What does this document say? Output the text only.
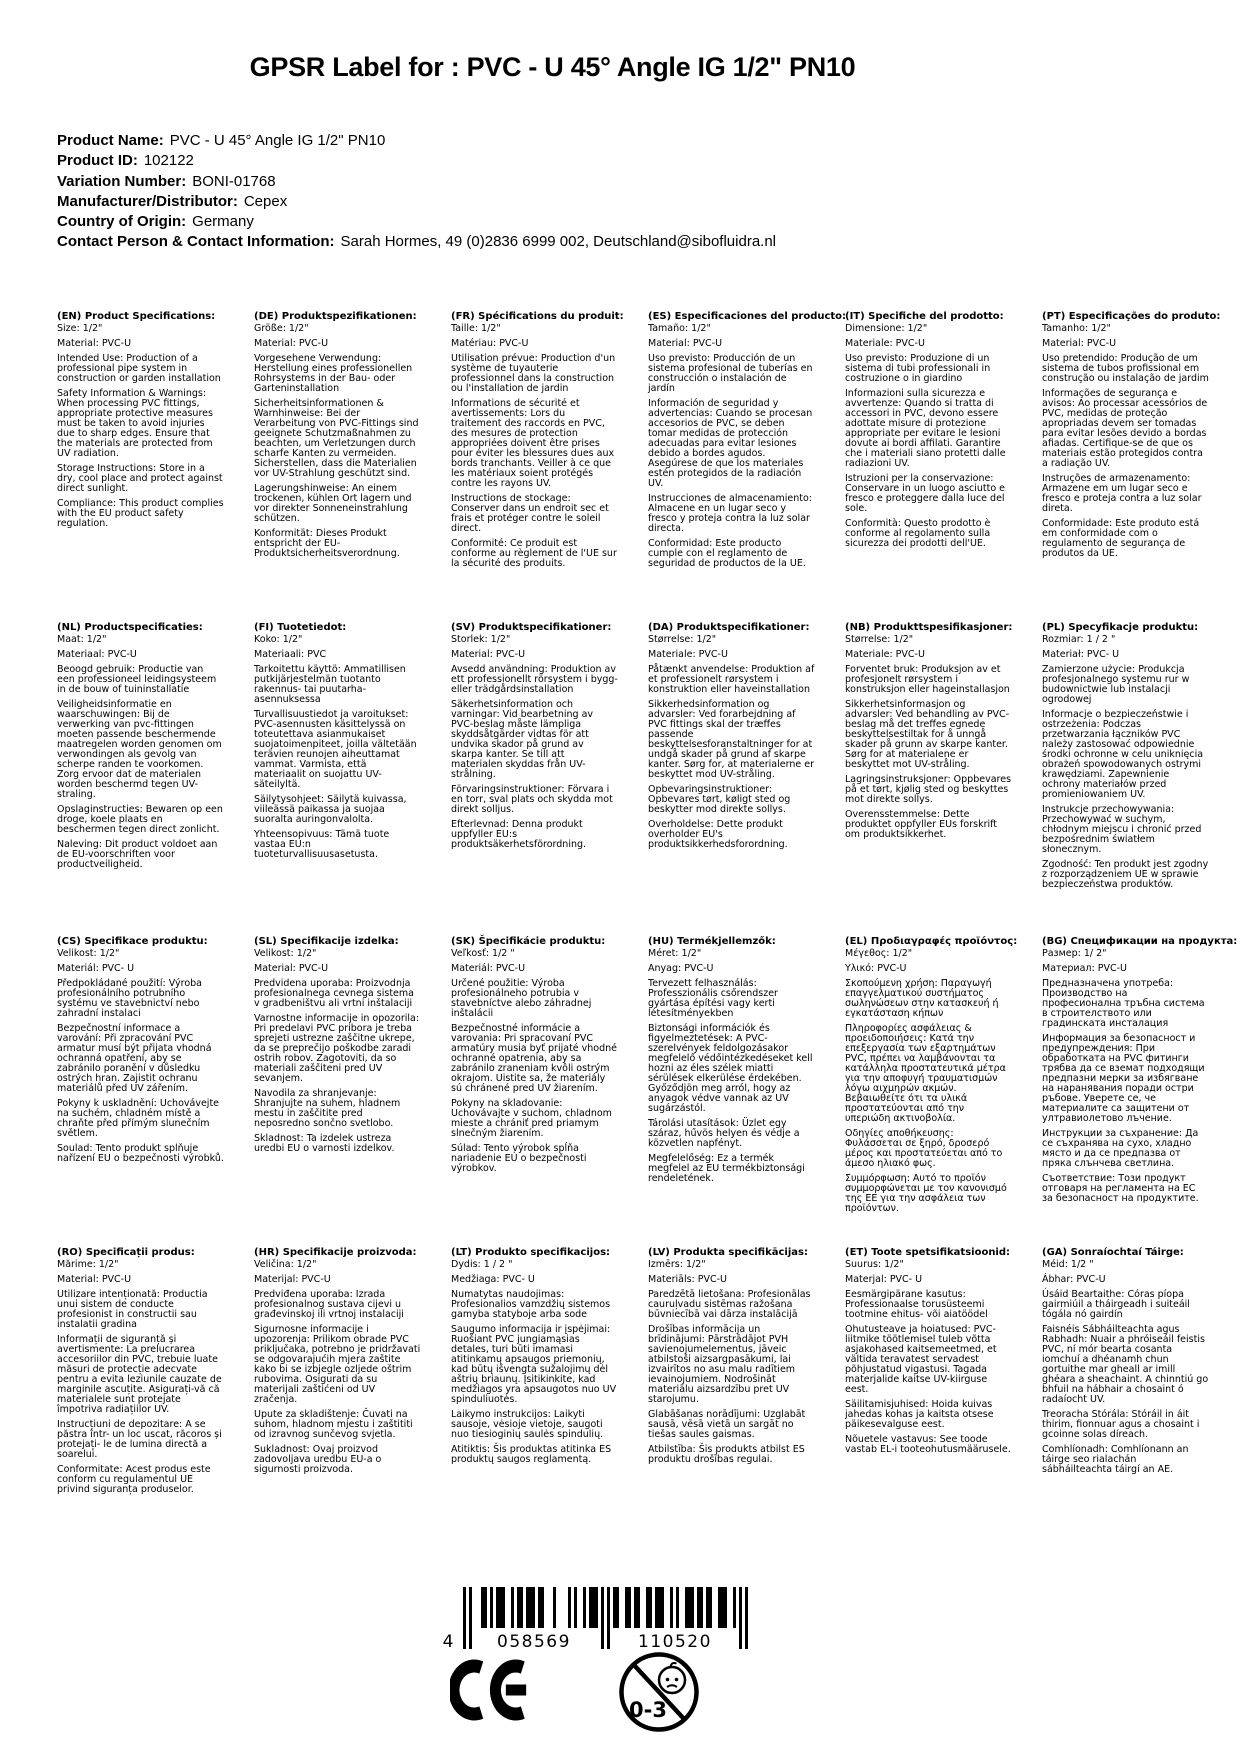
GPSR Label for : PVC - U 45° Angle IG 1/2" PN10
Product Name: PVC - U 45° Angle IG 1/2" PN10
Product ID: 102122
Variation Number: BONI-01768
Manufacturer/Distributor: Cepex
Country of Origin: Germany
Contact Person & Contact Information: Sarah Hormes, 49 (0)2836 6999 002, Deutschland@sibofluidra.nl
(EN) Product Specifications:

Size: 1/2"

Material: PVC-U

Intended Use: Production of a professional pipe system in construction or garden installation

Safety Information & Warnings: When processing PVC fittings, appropriate protective measures must be taken to avoid injuries due to sharp edges. Ensure that the materials are protected from UV radiation.

Storage Instructions: Store in a dry, cool place and protect against direct sunlight.

Compliance: This product complies with the EU product safety regulation.

(DE) Produktspezifikationen:

Größe: 1/2"

Material: PVC-U

Vorgesehene Verwendung: Herstellung eines professionellen Rohrsystems in der Bau- oder Garteninstallation

Sicherheitsinformationen & Warnhinweise: Bei der Verarbeitung von PVC-Fittings sind geeignete Schutzmaßnahmen zu beachten, um Verletzungen durch scharfe Kanten zu vermeiden. Sicherstellen, dass die Materialien vor UV-Strahlung geschützt sind.

Lagerungshinweise: An einem trockenen, kühlen Ort lagern und vor direkter Sonneneinstrahlung schützen.

Konformität: Dieses Produkt entspricht der EU-Produktsicherheitsverordnung.

(FR) Spécifications du produit:

Taille: 1/2"

Matériau: PVC-U

Utilisation prévue: Production d'un système de tuyauterie professionnel dans la construction ou l'installation de jardin

Informations de sécurité et avertissements: Lors du traitement des raccords en PVC, des mesures de protection appropriées doivent être prises pour éviter les blessures dues aux bords tranchants. Veiller à ce que les matériaux soient protégés contre les rayons UV.

Instructions de stockage: Conserver dans un endroit sec et frais et protéger contre le soleil direct.

Conformité: Ce produit est conforme au règlement de l'UE sur la sécurité des produits.

(ES) Especificaciones del producto:

Tamaño: 1/2"

Material: PVC-U

Uso previsto: Producción de un sistema profesional de tuberías en construcción o instalación de jardín

Información de seguridad y advertencias: Cuando se procesan accesorios de PVC, se deben tomar medidas de protección adecuadas para evitar lesiones debido a bordes agudos. Asegúrese de que los materiales estén protegidos de la radiación UV.

Instrucciones de almacenamiento: Almacene en un lugar seco y fresco y proteja contra la luz solar directa.

Conformidad: Este producto cumple con el reglamento de seguridad de productos de la UE.

(IT) Specifiche del prodotto:

Dimensione: 1/2"

Materiale: PVC-U

Uso previsto: Produzione di un sistema di tubi professionali in costruzione o in giardino

Informazioni sulla sicurezza e avvertenze: Quando si tratta di accessori in PVC, devono essere adottate misure di protezione appropriate per evitare le lesioni dovute ai bordi affilati. Garantire che i materiali siano protetti dalle radiazioni UV.

Istruzioni per la conservazione: Conservare in un luogo asciutto e fresco e proteggere dalla luce del sole.

Conformità: Questo prodotto è conforme al regolamento sulla sicurezza dei prodotti dell'UE.

(PT) Especificações do produto:

Tamanho: 1/2"

Material: PVC-U

Uso pretendido: Produção de um sistema de tubos profissional em construção ou instalação de jardim

Informações de segurança e avisos: Ao processar acessórios de PVC, medidas de proteção apropriadas devem ser tomadas para evitar lesões devido a bordas afiadas. Certifique-se de que os materiais estão protegidos contra a radiação UV.

Instruções de armazenamento: Armazene em um lugar seco e fresco e proteja contra a luz solar direta.

Conformidade: Este produto está em conformidade com o regulamento de segurança de produtos da UE.

(NL) Productspecificaties:

Maat: 1/2"

Materiaal: PVC-U

Beoogd gebruik: Productie van een professioneel leidingsysteem in de bouw of tuininstallatie

Veiligheidsinformatie en waarschuwingen: Bij de verwerking van pvc-fittingen moeten passende beschermende maatregelen worden genomen om verwondingen als gevolg van scherpe randen te voorkomen. Zorg ervoor dat de materialen worden beschermd tegen UV-straling.

Opslaginstructies: Bewaren op een droge, koele plaats en beschermen tegen direct zonlicht.

Naleving: Dit product voldoet aan de EU-voorschriften voor productveiligheid.

(FI) Tuotetiedot:

Koko: 1/2"

Materiaali: PVC

Tarkoitettu käyttö: Ammatillisen putkijärjestelmän tuotanto rakennus- tai puutarha-asennuksessa

Turvallisuustiedot ja varoitukset: PVC-asennusten käsittelyssä on toteutettava asianmukaiset suojatoimenpiteet, joilla vältetään terävien reunojen aiheuttamat vammat. Varmista, että materiaalit on suojattu UV-säteilyltä.

Säilytysohjeet: Säilytä kuivassa, viileässä paikassa ja suojaa suoralta auringonvalolta.

Yhteensopivuus: Tämä tuote vastaa EU:n tuoteturvallisuusasetusta.

(SV) Produktspecifikationer:

Storlek: 1/2"

Material: PVC-U

Avsedd användning: Produktion av ett professionellt rörsystem i bygg- eller trädgårdsinstallation

Säkerhetsinformation och varningar: Vid bearbetning av PVC-beslag måste lämpliga skyddsåtgärder vidtas för att undvika skador på grund av skarpa kanter. Se till att materialen skyddas från UV-strålning.

Förvaringsinstruktioner: Förvara i en torr, sval plats och skydda mot direkt solljus.

Efterlevnad: Denna produkt uppfyller EU:s produktsäkerhetsförordning.

(DA) Produktspecifikationer:

Størrelse: 1/2"

Materiale: PVC-U

Påtænkt anvendelse: Produktion af et professionelt rørsystem i konstruktion eller haveinstallation

Sikkerhedsinformation og advarsler: Ved forarbejdning af PVC fittings skal der træffes passende beskyttelsesforanstaltninger for at undgå skader på grund af skarpe kanter. Sørg for, at materialerne er beskyttet mod UV-stråling.

Opbevaringsinstruktioner: Opbevares tørt, køligt sted og beskytter mod direkte sollys.

Overholdelse: Dette produkt overholder EU's produktsikkerhedsforordning.

(NB) Produkttspesifikasjoner:

Størrelse: 1/2"

Materiale: PVC-U

Forventet bruk: Produksjon av et profesjonelt rørsystem i konstruksjon eller hageinstallasjon

Sikkerhetsinformasjon og advarsler: Ved behandling av PVC-beslag må det treffes egnede beskyttelsestiltak for å unngå skader på grunn av skarpe kanter. Sørg for at materialene er beskyttet mot UV-stråling.

Lagringsinstruksjoner: Oppbevares på et tørt, kjølig sted og beskyttes mot direkte sollys.

Overensstemmelse: Dette produktet oppfyller EUs forskrift om produktsikkerhet.

(PL) Specyfikacje produktu:

Rozmiar: 1 / 2 "

Materiał: PVC- U

Zamierzone użycie: Produkcja profesjonalnego systemu rur w budownictwie lub instalacji ogrodowej

Informacje o bezpieczeństwie i ostrzeżenia: Podczas przetwarzania łączników PVC należy zastosować odpowiednie środki ochronne w celu uniknięcia obrażeń spowodowanych ostrymi krawędziami. Zapewnienie ochrony materiałów przed promieniowaniem UV.

Instrukcje przechowywania: Przechowywać w suchym, chłodnym miejscu i chronić przed bezpośrednim światłem słonecznym.

Zgodność: Ten produkt jest zgodny z rozporządzeniem UE w sprawie bezpieczeństwa produktów.

(CS) Specifikace produktu:

Velikost: 1/2"

Materiál: PVC- U

Předpokládané použití: Výroba profesionálního potrubního systému ve stavebnictví nebo zahradní instalaci

Bezpečnostní informace a varování: Při zpracování PVC armatur musí být přijata vhodná ochranná opatření, aby se zabránilo poranění v důsledku ostrých hran. Zajistit ochranu materiálů před UV zářením.

Pokyny k uskladnění: Uchovávejte na suchém, chladném místě a chraňte před přímým slunečním světlem.

Soulad: Tento produkt splňuje nařízení EU o bezpečnosti výrobků.

(SL) Specifikacije izdelka:

Velikost: 1/2"

Material: PVC-U

Predvidena uporaba: Proizvodnja profesionalnega cevnega sistema v gradbeništvu ali vrtni inštalaciji

Varnostne informacije in opozorila: Pri predelavi PVC pribora je treba sprejeti ustrezne zaščitne ukrepe, da se preprečijo poškodbe zaradi ostrih robov. Zagotoviti, da so materiali zaščiteni pred UV sevanjem.

Navodila za shranjevanje: Shranjujte na suhem, hladnem mestu in zaščitite pred neposredno sončno svetlobo.

Skladnost: Ta izdelek ustreza uredbi EU o varnosti izdelkov.

(SK) Špecifikácie produktu:

Veľkosť: 1/2 "

Materiál: PVC-U

Určené použitie: Výroba profesionálneho potrubia v stavebníctve alebo záhradnej inštalácii

Bezpečnostné informácie a varovania: Pri spracovaní PVC armatúry musia byť prijaté vhodné ochranné opatrenia, aby sa zabránilo zraneniam kvôli ostrým okrajom. Uistite sa, že materiály sú chránené pred UV žiarením.

Pokyny na skladovanie: Uchovávajte v suchom, chladnom mieste a chrániť pred priamym slnečným žiarením.

Súlad: Tento výrobok spĺňa nariadenie EÚ o bezpečnosti výrobkov.

(HU) Termékjellemzők:

Méret: 1/2"

Anyag: PVC-U

Tervezett felhasználás: Professzionális csőrendszer gyártása építési vagy kerti létesítményekben

Biztonsági információk és figyelmeztetések: A PVC-szerelvények feldolgozásakor megfelelő védőintézkedéseket kell hozni az éles szélek miatti sérülések elkerülése érdekében. Győződjön meg arról, hogy az anyagok védve vannak az UV sugárzástól.

Tárolási utasítások: Üzlet egy száraz, hűvös helyen és védje a közvetlen napfényt.

Megfelelőség: Ez a termék megfelel az EU termékbiztonsági rendeletének.

(EL) Προδιαγραφές προϊόντος:

Μέγεθος: 1/2"

Υλικό: PVC-U

Σκοπούμενη χρήση: Παραγωγή επαγγελματικού συστήματος σωληνώσεων στην κατασκευή ή εγκατάσταση κήπων

Πληροφορίες ασφάλειας & προειδοποιήσεις: Κατά την επεξεργασία των εξαρτημάτων PVC, πρέπει να λαμβάνονται τα κατάλληλα προστατευτικά μέτρα για την αποφυγή τραυματισμών λόγω αιχμηρών ακμών. Βεβαιωθείτε ότι τα υλικά προστατεύονται από την υπεριώδη ακτινοβολία.

Οδηγίες αποθήκευσης: Φυλάσσεται σε ξηρό, δροσερό μέρος και προστατεύεται από το άμεσο ηλιακό φως.

Συμμόρφωση: Αυτό το προϊόν συμμορφώνεται με τον κανονισμό της ΕΕ για την ασφάλεια των προϊόντων.

(BG) Спецификации на продукта:

Размер: 1/ 2"

Материал: PVC-U

Предназначена употреба: Производство на професионална тръбна система в строителството или градинската инсталация

Информация за безопасност и предупреждения: При обработката на PVC фитинги трябва да се вземат подходящи предпазни мерки за избягване на наранявания поради остри ръбове. Уверете се, че материалите са защитени от ултравиолетово лъчение.

Инструкции за съхранение: Да се съхранява на сухо, хладно място и да се предпазва от пряка слънчева светлина.

Съответствие: Този продукт отговаря на регламента на ЕС за безопасност на продуктите.

(RO) Specificații produs:

Mărime: 1/2"

Material: PVC-U

Utilizare intenționată: Productia unui sistem de conducte profesionist in constructii sau instalatii gradina

Informații de siguranță și avertismente: La prelucrarea accesoriilor din PVC, trebuie luate măsuri de protecție adecvate pentru a evita leziunile cauzate de marginile ascuțite. Asigurați-vă că materialele sunt protejate împotriva radiațiilor UV.

Instrucțiuni de depozitare: A se păstra într- un loc uscat, răcoros și protejați- le de lumina directă a soarelui.

Conformitate: Acest produs este conform cu regulamentul UE privind siguranța produselor.

(HR) Specifikacije proizvoda:

Veličina: 1/2"

Materijal: PVC-U

Predviđena uporaba: Izrada profesionalnog sustava cijevi u građevinskoj ili vrtnoj instalaciji

Sigurnosne informacije i upozorenja: Prilikom obrade PVC priključaka, potrebno je pridržavati se odgovarajućih mjera zaštite kako bi se izbjegle ozljede oštrim rubovima. Osigurati da su materijali zaštićeni od UV zračenja.

Upute za skladištenje: Čuvati na suhom, hladnom mjestu i zaštititi od izravnog sunčevog svjetla.

Sukladnost: Ovaj proizvod zadovoljava uredbu EU-a o sigurnosti proizvoda.

(LT) Produkto specifikacijos:

Dydis: 1 / 2 "

Medžiaga: PVC- U

Numatytas naudojimas: Profesionalios vamzdžių sistemos gamyba statyboje arba sode

Saugumo informacija ir įspėjimai: Ruošiant PVC jungiamąsias detales, turi būti imamasi atitinkamų apsaugos priemonių, kad būtų išvengta sužalojimų dėl aštrių briaunų. Įsitikinkite, kad medžiagos yra apsaugotos nuo UV spinduliuotės.

Laikymo instrukcijos: Laikyti sausoje, vėsioje vietoje, saugoti nuo tiesioginių saulės spindulių.

Atitiktis: Šis produktas atitinka ES produktų saugos reglamentą.

(LV) Produkta specifikācijas:

Izmērs: 1/2"

Materiāls: PVC-U

Paredzētā lietošana: Profesionālas cauruļvadu sistēmas ražošana būvniecībā vai dārza instalācijā

Drošības informācija un brīdinājumi: Pārstrādājot PVH savienojumelementus, jāveic atbilstoši aizsargpasākumi, lai izvairītos no asu malu radītiem ievainojumiem. Nodrošināt materiālu aizsardzību pret UV starojumu.

Glabāšanas norādījumi: Uzglabāt sausā, vēsā vietā un sargāt no tiešas saules gaismas.

Atbilstība: Šis produkts atbilst ES produktu drošības regulai.

(ET) Toote spetsifikatsioonid:

Suurus: 1/2"

Materjal: PVC- U

Eesmärgipärane kasutus: Professionaalse torusüsteemi tootmine ehitus- või aiatöödel

Ohutusteave ja hoiatused: PVC-liitmike töötlemisel tuleb võtta asjakohased kaitsemeetmed, et vältida teravatest servadest põhjustatud vigastusi. Tagada materjalide kaitse UV-kiirguse eest.

Säilitamisjuhised: Hoida kuivas jahedas kohas ja kaitsta otsese päikesevalguse eest.

Nõuetele vastavus: See toode vastab EL-i tooteohutusmäärusele.

(GA) Sonraíochtaí Táirge:

Méid: 1/2 "

Ábhar: PVC-U

Úsáid Beartaithe: Córas píopa gairmiúil a tháirgeadh i suiteáil tógála nó gairdín

Faisnéis Sábháilteachta agus Rabhadh: Nuair a phróiseáil feistis PVC, ní mór bearta cosanta iomchuí a dhéanamh chun gortuithe mar gheall ar imill ghéara a sheachaint. A chinntiú go bhfuil na hábhair a chosaint ó radaíocht UV.

Treoracha Stórála: Stóráil in áit thirim, fionnuar agus a chosaint i gcoinne solas díreach.

Comhlíonadh: Comhlíonann an táirge seo rialachán sábháilteachta táirgí an AE.

4	058569	110520
0-3
